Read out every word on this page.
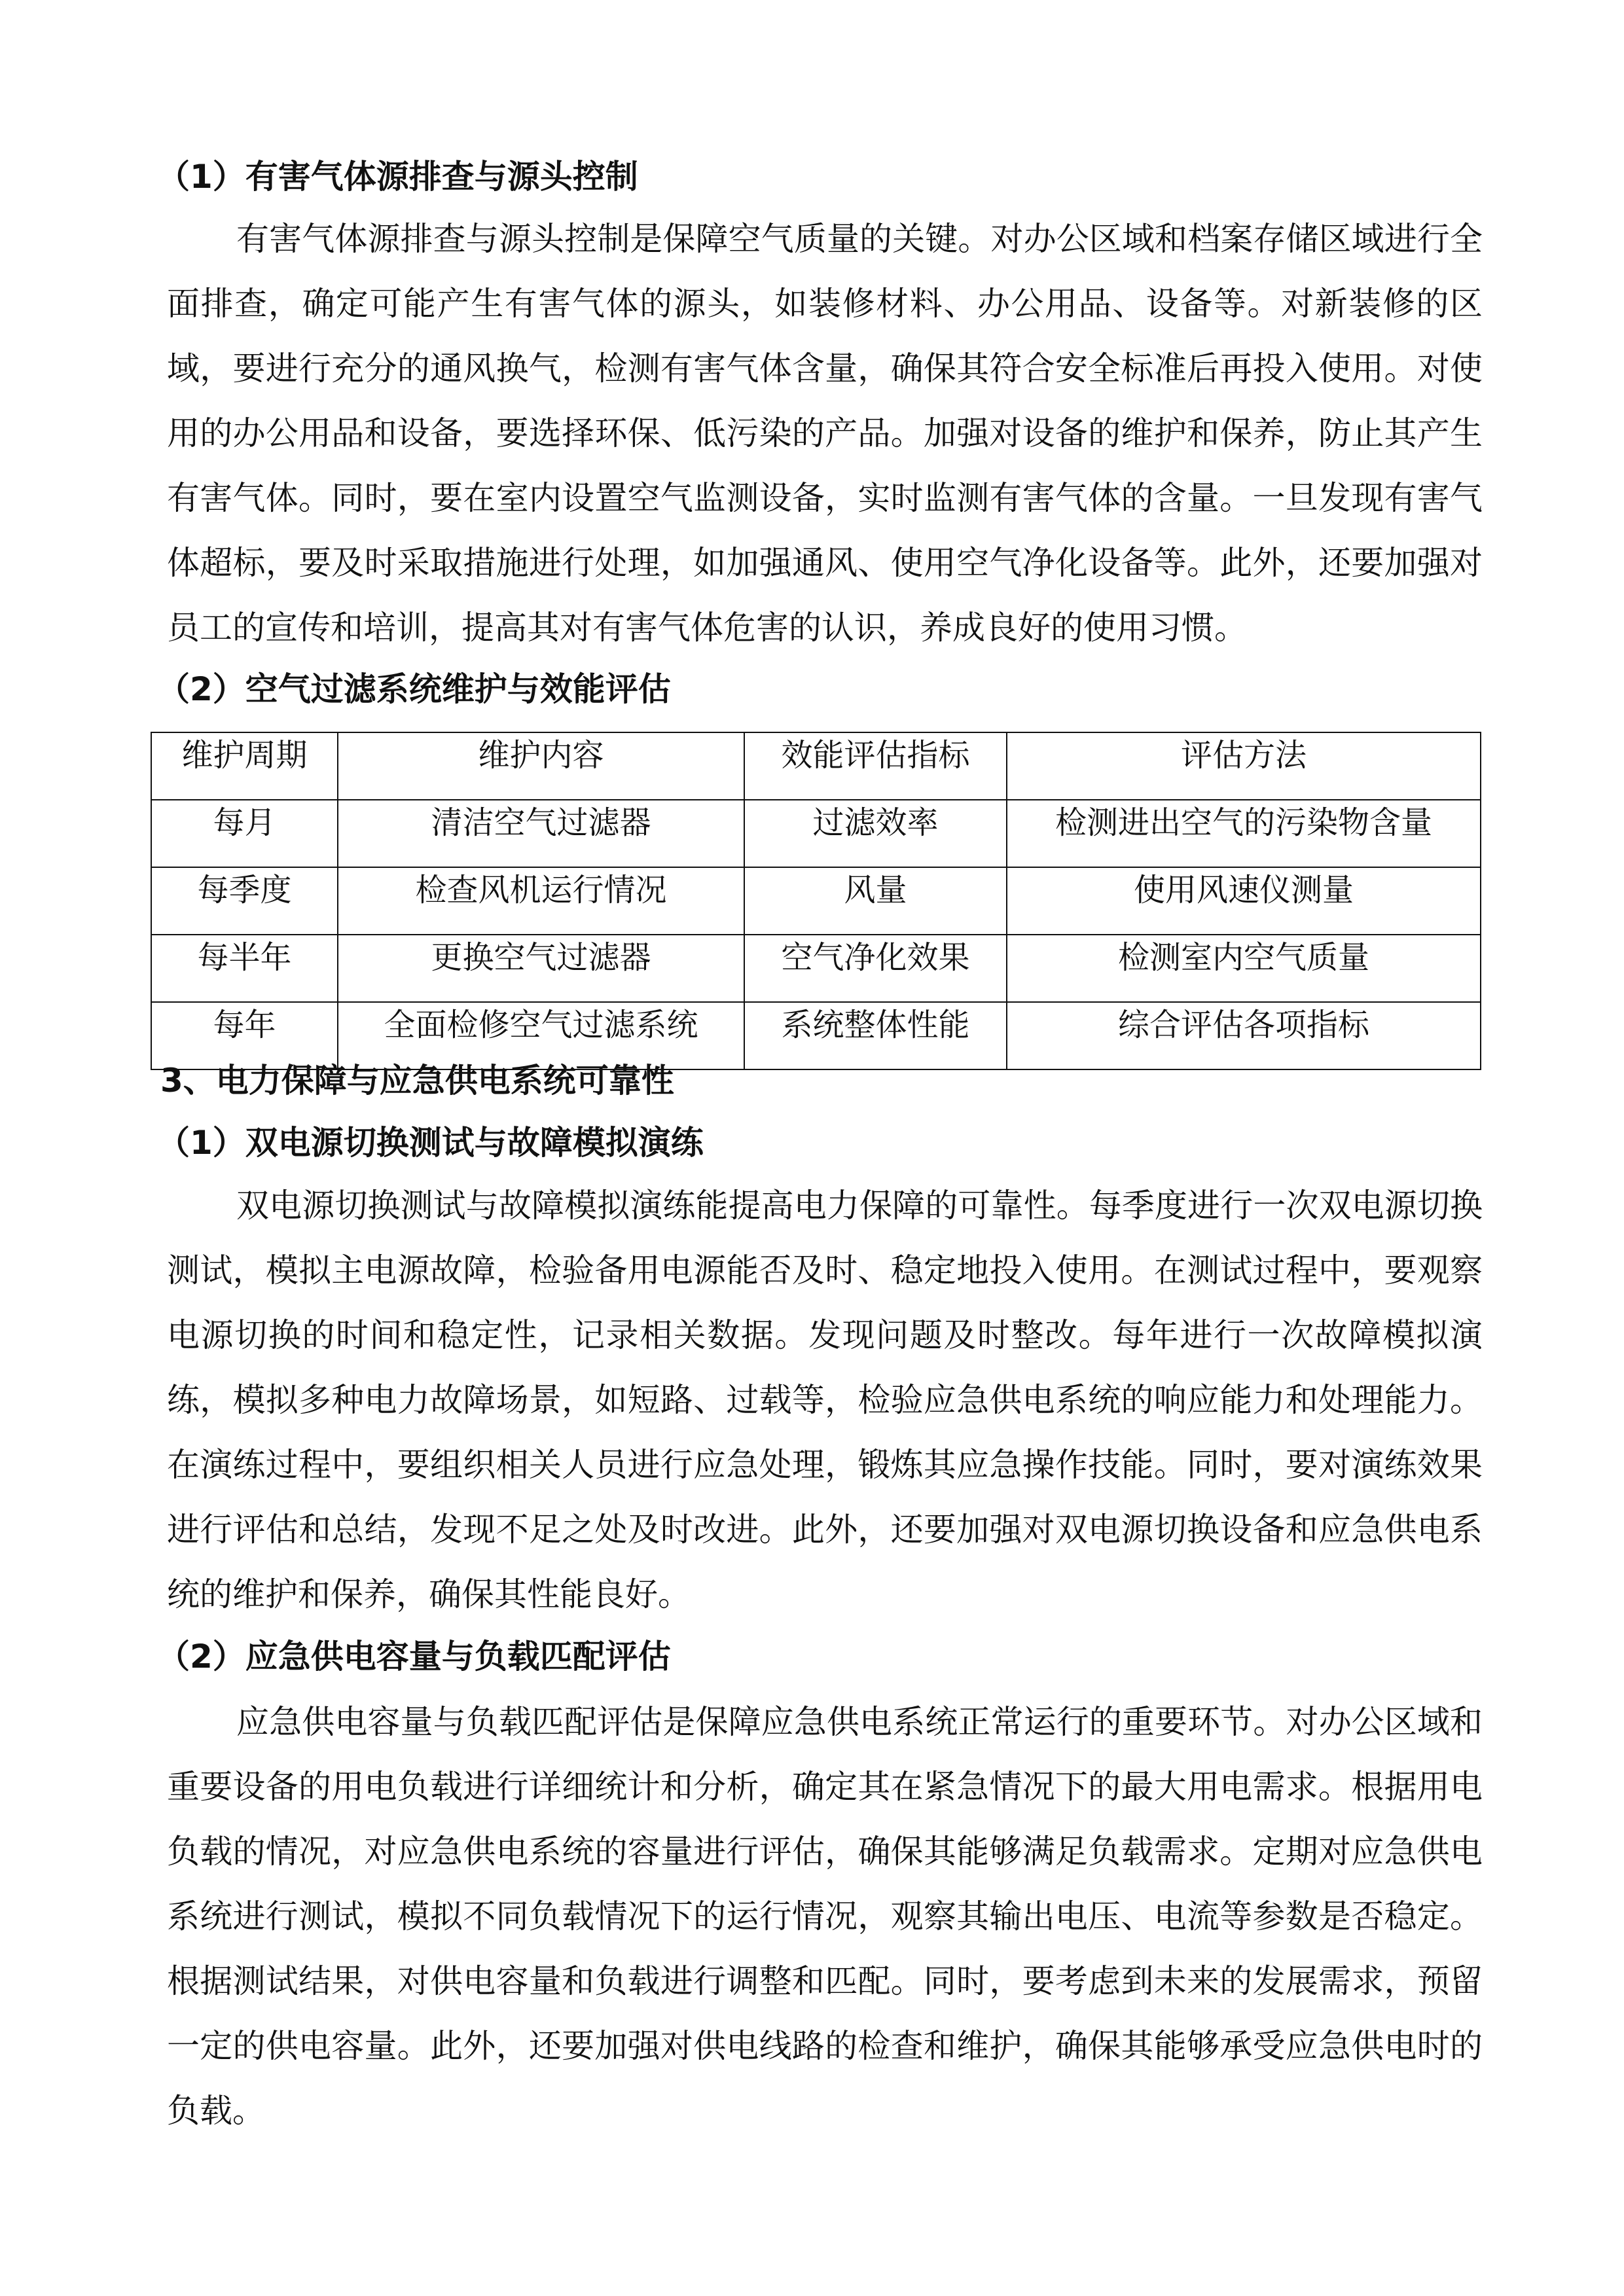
（1）有害气体源排查与源头控制
有害气体源排查与源头控制是保障空气质量的关键。对办公区域和档案存储区域进行全
面排查，确定可能产生有害气体的源头，如装修材料、办公用品、设备等。对新装修的区
域，要进行充分的通风换气，检测有害气体含量，确保其符合安全标准后再投入使用。对使
用的办公用品和设备，要选择环保、低污染的产品。加强对设备的维护和保养，防止其产生
有害气体。同时，要在室内设置空气监测设备，实时监测有害气体的含量。一旦发现有害气
体超标，要及时采取措施进行处理，如加强通风、使用空气净化设备等。此外，还要加强对
员工的宣传和培训，提高其对有害气体危害的认识，养成良好的使用习惯。
（2）空气过滤系统维护与效能评估
维护周期	维护内容	效能评估指标	评估方法
每月	清洁空气过滤器	过滤效率	检测进出空气的污染物含量
每季度	检查风机运行情况	风量	使用风速仪测量
每半年	更换空气过滤器	空气净化效果	检测室内空气质量
每年	全面检修空气过滤系统	系统整体性能	综合评估各项指标
3、电力保障与应急供电系统可靠性
（1）双电源切换测试与故障模拟演练
双电源切换测试与故障模拟演练能提高电力保障的可靠性。每季度进行一次双电源切换
测试，模拟主电源故障，检验备用电源能否及时、稳定地投入使用。在测试过程中，要观察
电源切换的时间和稳定性，记录相关数据。发现问题及时整改。每年进行一次故障模拟演
练，模拟多种电力故障场景，如短路、过载等，检验应急供电系统的响应能力和处理能力。
在演练过程中，要组织相关人员进行应急处理，锻炼其应急操作技能。同时，要对演练效果
进行评估和总结，发现不足之处及时改进。此外，还要加强对双电源切换设备和应急供电系
统的维护和保养，确保其性能良好。
（2）应急供电容量与负载匹配评估
应急供电容量与负载匹配评估是保障应急供电系统正常运行的重要环节。对办公区域和
重要设备的用电负载进行详细统计和分析，确定其在紧急情况下的最大用电需求。根据用电
负载的情况，对应急供电系统的容量进行评估，确保其能够满足负载需求。定期对应急供电
系统进行测试，模拟不同负载情况下的运行情况，观察其输出电压、电流等参数是否稳定。
根据测试结果，对供电容量和负载进行调整和匹配。同时，要考虑到未来的发展需求，预留
一定的供电容量。此外，还要加强对供电线路的检查和维护，确保其能够承受应急供电时的
负载。
